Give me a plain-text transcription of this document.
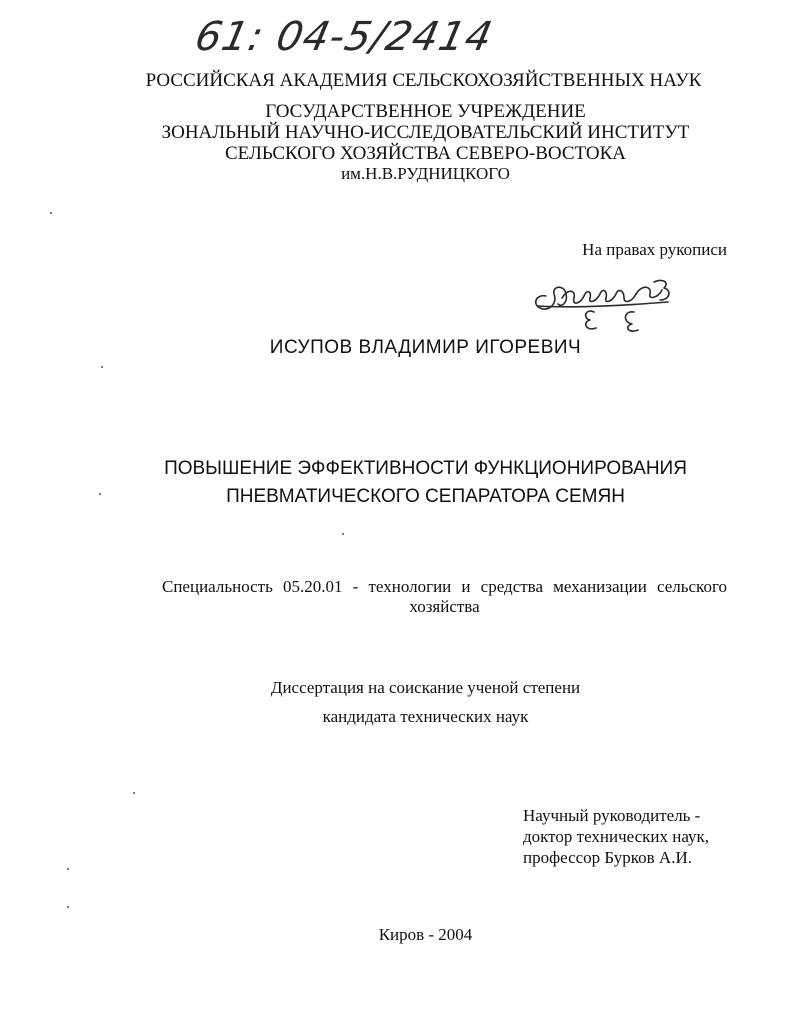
61: 04-5/2414
РОССИЙСКАЯ АКАДЕМИЯ СЕЛЬСКОХОЗЯЙСТВЕННЫХ НАУК
ГОСУДАРСТВЕННОЕ УЧРЕЖДЕНИЕ
ЗОНАЛЬНЫЙ НАУЧНО-ИССЛЕДОВАТЕЛЬСКИЙ ИНСТИТУТ
СЕЛЬСКОГО ХОЗЯЙСТВА СЕВЕРО-ВОСТОКА
им.Н.В.РУДНИЦКОГО
На правах рукописи
ИСУПОВ ВЛАДИМИР ИГОРЕВИЧ
ПОВЫШЕНИЕ ЭФФЕКТИВНОСТИ ФУНКЦИОНИРОВАНИЯ
ПНЕВМАТИЧЕСКОГО СЕПАРАТОРА СЕМЯН
Специальность 05.20.01 - технологии и средства механизации сельского
хозяйства
Диссертация на соискание ученой степени
кандидата технических наук
Научный руководитель -
доктор технических наук,
профессор Бурков А.И.
Киров - 2004
